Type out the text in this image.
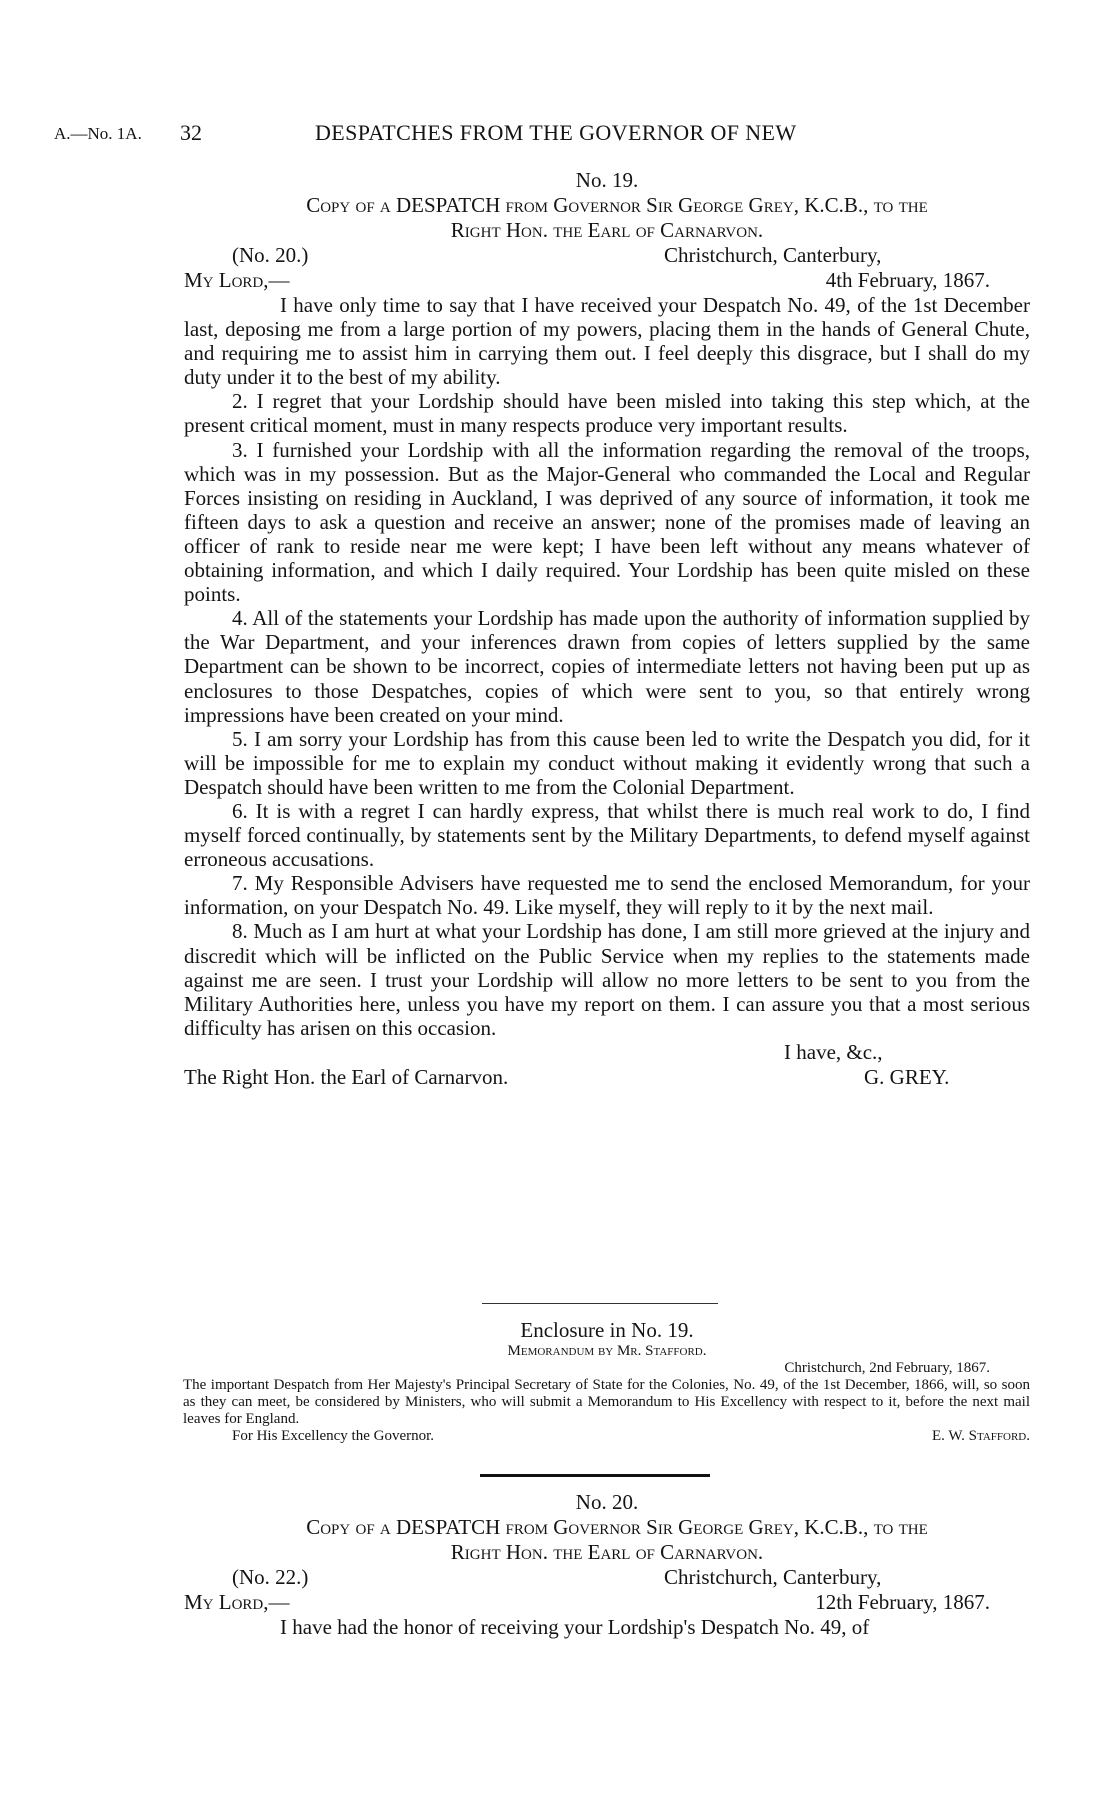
A.—No. 1A. 32	DESPATCHES FROM THE GOVERNOR OF NEW
No. 19.
Copy of a DESPATCH from Governor Sir George Grey, K.C.B., to the
Right Hon. the Earl of Carnarvon.
(No. 20.)	Christchurch, Canterbury,
My Lord,—	4th February, 1867.

I have only time to say that I have received your Despatch No. 49, of the 1st December last, deposing me from a large portion of my powers, placing them in the hands of General Chute, and requiring me to assist him in carrying them out. I feel deeply this disgrace, but I shall do my duty under it to the best of my ability.

2. I regret that your Lordship should have been misled into taking this step which, at the present critical moment, must in many respects produce very important results.

3. I furnished your Lordship with all the information regarding the removal of the troops, which was in my possession. But as the Major-General who commanded the Local and Regular Forces insisting on residing in Auckland, I was deprived of any source of information, it took me fifteen days to ask a question and receive an answer; none of the promises made of leaving an officer of rank to reside near me were kept; I have been left without any means whatever of obtaining information, and which I daily required. Your Lordship has been quite misled on these points.

4. All of the statements your Lordship has made upon the authority of information supplied by the War Department, and your inferences drawn from copies of letters supplied by the same Department can be shown to be incorrect, copies of intermediate letters not having been put up as enclosures to those Despatches, copies of which were sent to you, so that entirely wrong impressions have been created on your mind.

5. I am sorry your Lordship has from this cause been led to write the Despatch you did, for it will be impossible for me to explain my conduct without making it evidently wrong that such a Despatch should have been written to me from the Colonial Department.

6. It is with a regret I can hardly express, that whilst there is much real work to do, I find myself forced continually, by statements sent by the Military Departments, to defend myself against erroneous accusations.

7. My Responsible Advisers have requested me to send the enclosed Memorandum, for your information, on your Despatch No. 49. Like myself, they will reply to it by the next mail.

8. Much as I am hurt at what your Lordship has done, I am still more grieved at the injury and discredit which will be inflicted on the Public Service when my replies to the statements made against me are seen. I trust your Lordship will allow no more letters to be sent to you from the Military Authorities here, unless you have my report on them. I can assure you that a most serious difficulty has arisen on this occasion.

I have, &c.,
The Right Hon. the Earl of Carnarvon.	G. GREY.
Enclosure in No. 19.
Memorandum by Mr. Stafford.
Christchurch, 2nd February, 1867.

The important Despatch from Her Majesty's Principal Secretary of State for the Colonies, No. 49, of the 1st December, 1866, will, so soon as they can meet, be considered by Ministers, who will submit a Memorandum to His Excellency with respect to it, before the next mail leaves for England.

For His Excellency the Governor.	E. W. Stafford.
No. 20.
Copy of a DESPATCH from Governor Sir George Grey, K.C.B., to the
Right Hon. the Earl of Carnarvon.
(No. 22.)	Christchurch, Canterbury,
My Lord,—	12th February, 1867.
I have had the honor of receiving your Lordship's Despatch No. 49, of
